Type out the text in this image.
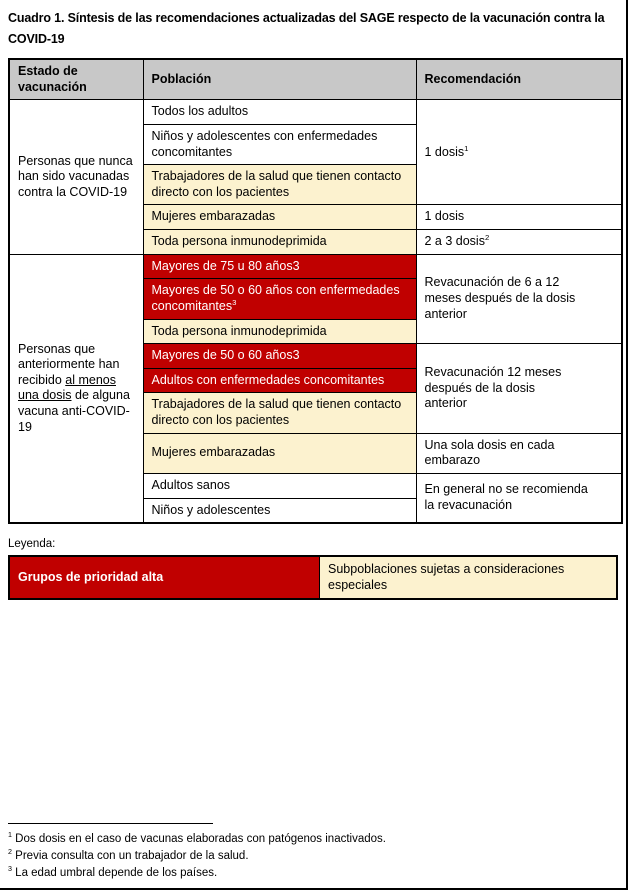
Cuadro 1. Síntesis de las recomendaciones actualizadas del SAGE respecto de la vacunación contra la COVID-19
Estado de vacunación	Población	Recomendación
Personas que nunca han sido vacunadas contra la COVID-19	Todos los adultos	1 dosis$^1$
	Niños y adolescentes con enfermedades concomitantes	
	Trabajadores de la salud que tienen contacto directo con los pacientes	
	Mujeres embarazadas	1 dosis
	Toda persona inmunodeprimida	2 a 3 dosis$^2$
Personas que anteriormente han recibido al menos una dosis de alguna vacuna anti-COVID-19	Mayores de 75 u 80 años3	Revacunación de 6 a 12 meses después de la dosis anterior
	Mayores de 50 o 60 años con enfermedades concomitantes$^3$
	Toda persona inmunodeprimida	
	Mayores de 50 o 60 años3	Revacunación 12 meses después de la dosis anterior
	Adultos con enfermedades concomitantes	
	Trabajadores de la salud que tienen contacto directo con los pacientes	
	Mujeres embarazadas	Una sola dosis en cada embarazo
	Adultos sanos	En general no se recomienda la revacunación
	Niños y adolescentes	
Leyenda:
Grupos de prioridad alta	Subpoblaciones sujetas a consideraciones especiales
$^1$ Dos dosis en el caso de vacunas elaboradas con patógenos inactivados.
$^2$ Previa consulta con un trabajador de la salud.
$^3$ La edad umbral depende de los países.
